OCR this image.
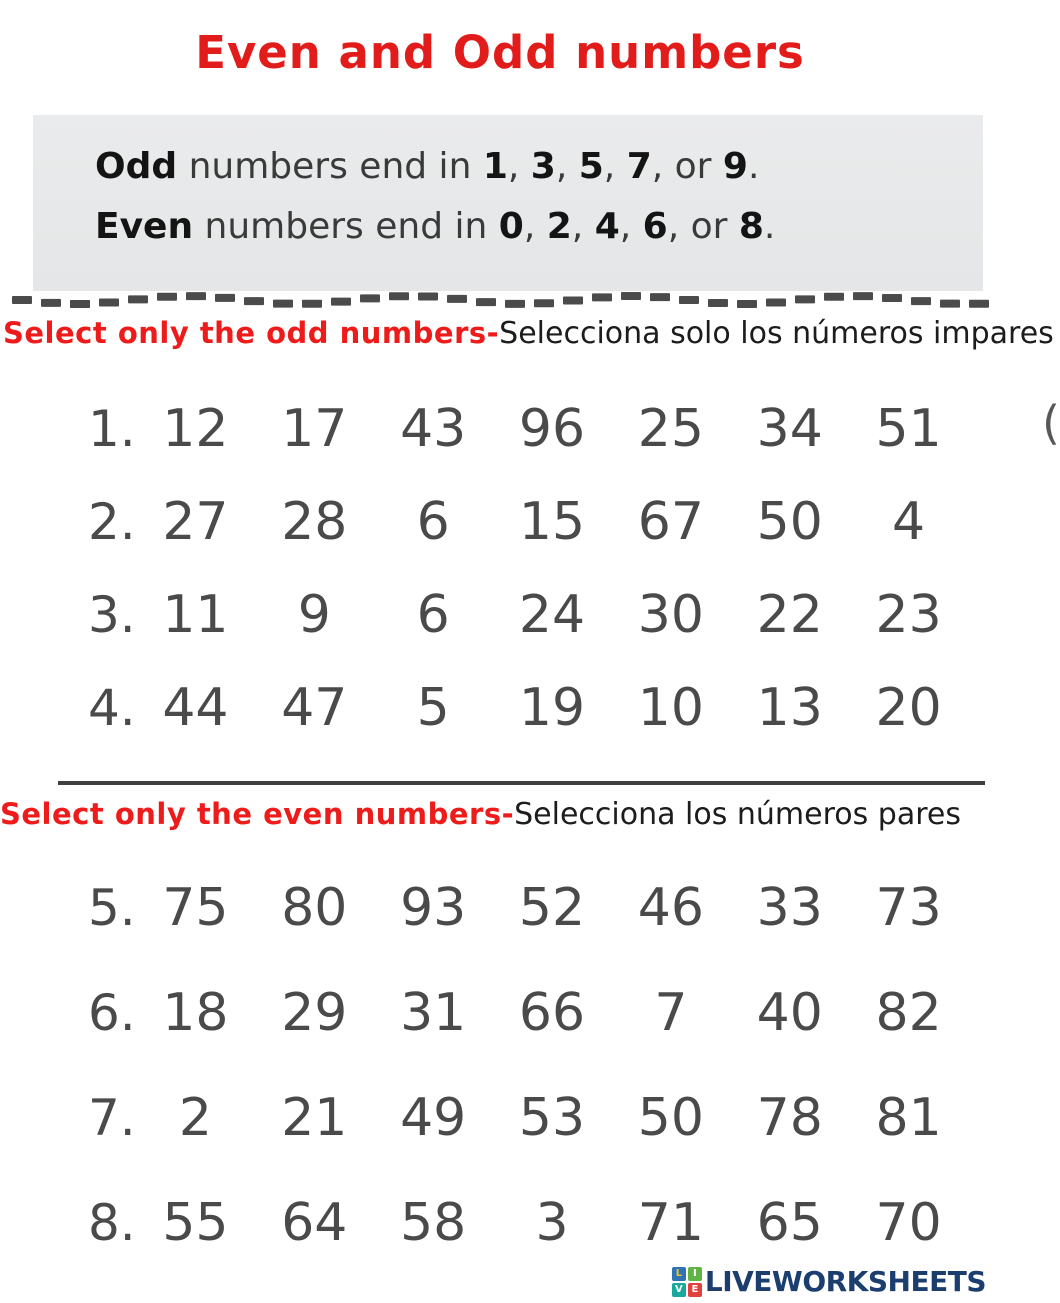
Even and Odd numbers
Odd numbers end in 1, 3, 5, 7, or 9.
Even numbers end in 0, 2, 4, 6, or 8.
Select only the odd numbers-Selecciona solo los números impares
1. 12	17	43	96	25	34	51	(
2. 27	28	6	15	67	50	4
3. 11	9	6	24	30	22	23
4. 44	47	5	19	10	13	20
Select only the even numbers-Selecciona los números pares
5. 75	80	93	52	46	33	73
6. 18	29	31	66	7	40	82
7. 2	21	49	53	50	78	81
8. 55	64	58	3	71	65	70
L	I
V E LIVEWORKSHEETS
